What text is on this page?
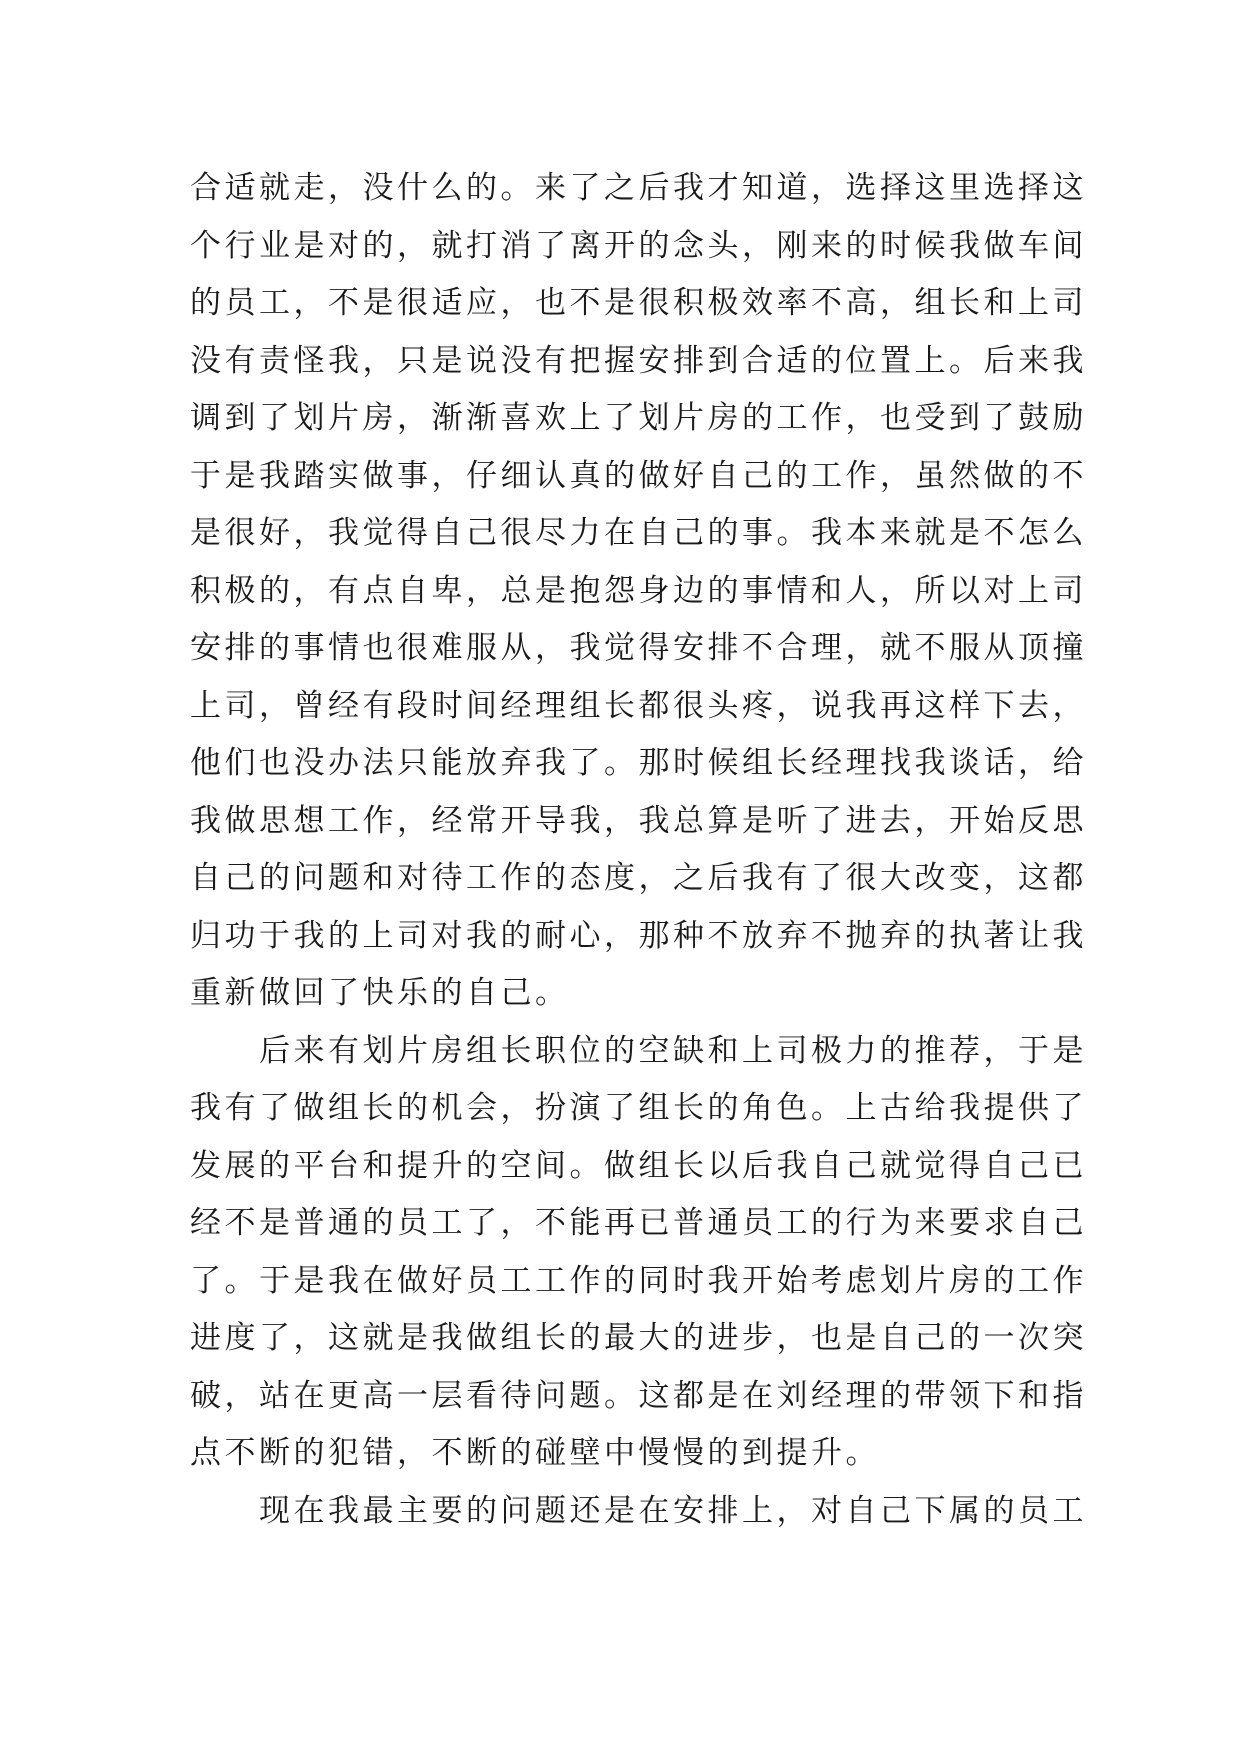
合适就走，没什么的。来了之后我才知道，选择这里选择这
个行业是对的，就打消了离开的念头，刚来的时候我做车间
的员工，不是很适应，也不是很积极效率不高，组长和上司
没有责怪我，只是说没有把握安排到合适的位置上。后来我
调到了划片房，渐渐喜欢上了划片房的工作，也受到了鼓励
于是我踏实做事，仔细认真的做好自己的工作，虽然做的不
是很好，我觉得自己很尽力在自己的事。我本来就是不怎么
积极的，有点自卑，总是抱怨身边的事情和人，所以对上司
安排的事情也很难服从，我觉得安排不合理，就不服从顶撞
上司，曾经有段时间经理组长都很头疼，说我再这样下去，
他们也没办法只能放弃我了。那时候组长经理找我谈话，给
我做思想工作，经常开导我，我总算是听了进去，开始反思
自己的问题和对待工作的态度，之后我有了很大改变，这都
归功于我的上司对我的耐心，那种不放弃不抛弃的执著让我
重新做回了快乐的自己。
　　后来有划片房组长职位的空缺和上司极力的推荐，于是
我有了做组长的机会，扮演了组长的角色。上古给我提供了
发展的平台和提升的空间。做组长以后我自己就觉得自己已
经不是普通的员工了，不能再已普通员工的行为来要求自己
了。于是我在做好员工工作的同时我开始考虑划片房的工作
进度了，这就是我做组长的最大的进步，也是自己的一次突
破，站在更高一层看待问题。这都是在刘经理的带领下和指
点不断的犯错，不断的碰壁中慢慢的到提升。
　　现在我最主要的问题还是在安排上，对自己下属的员工
